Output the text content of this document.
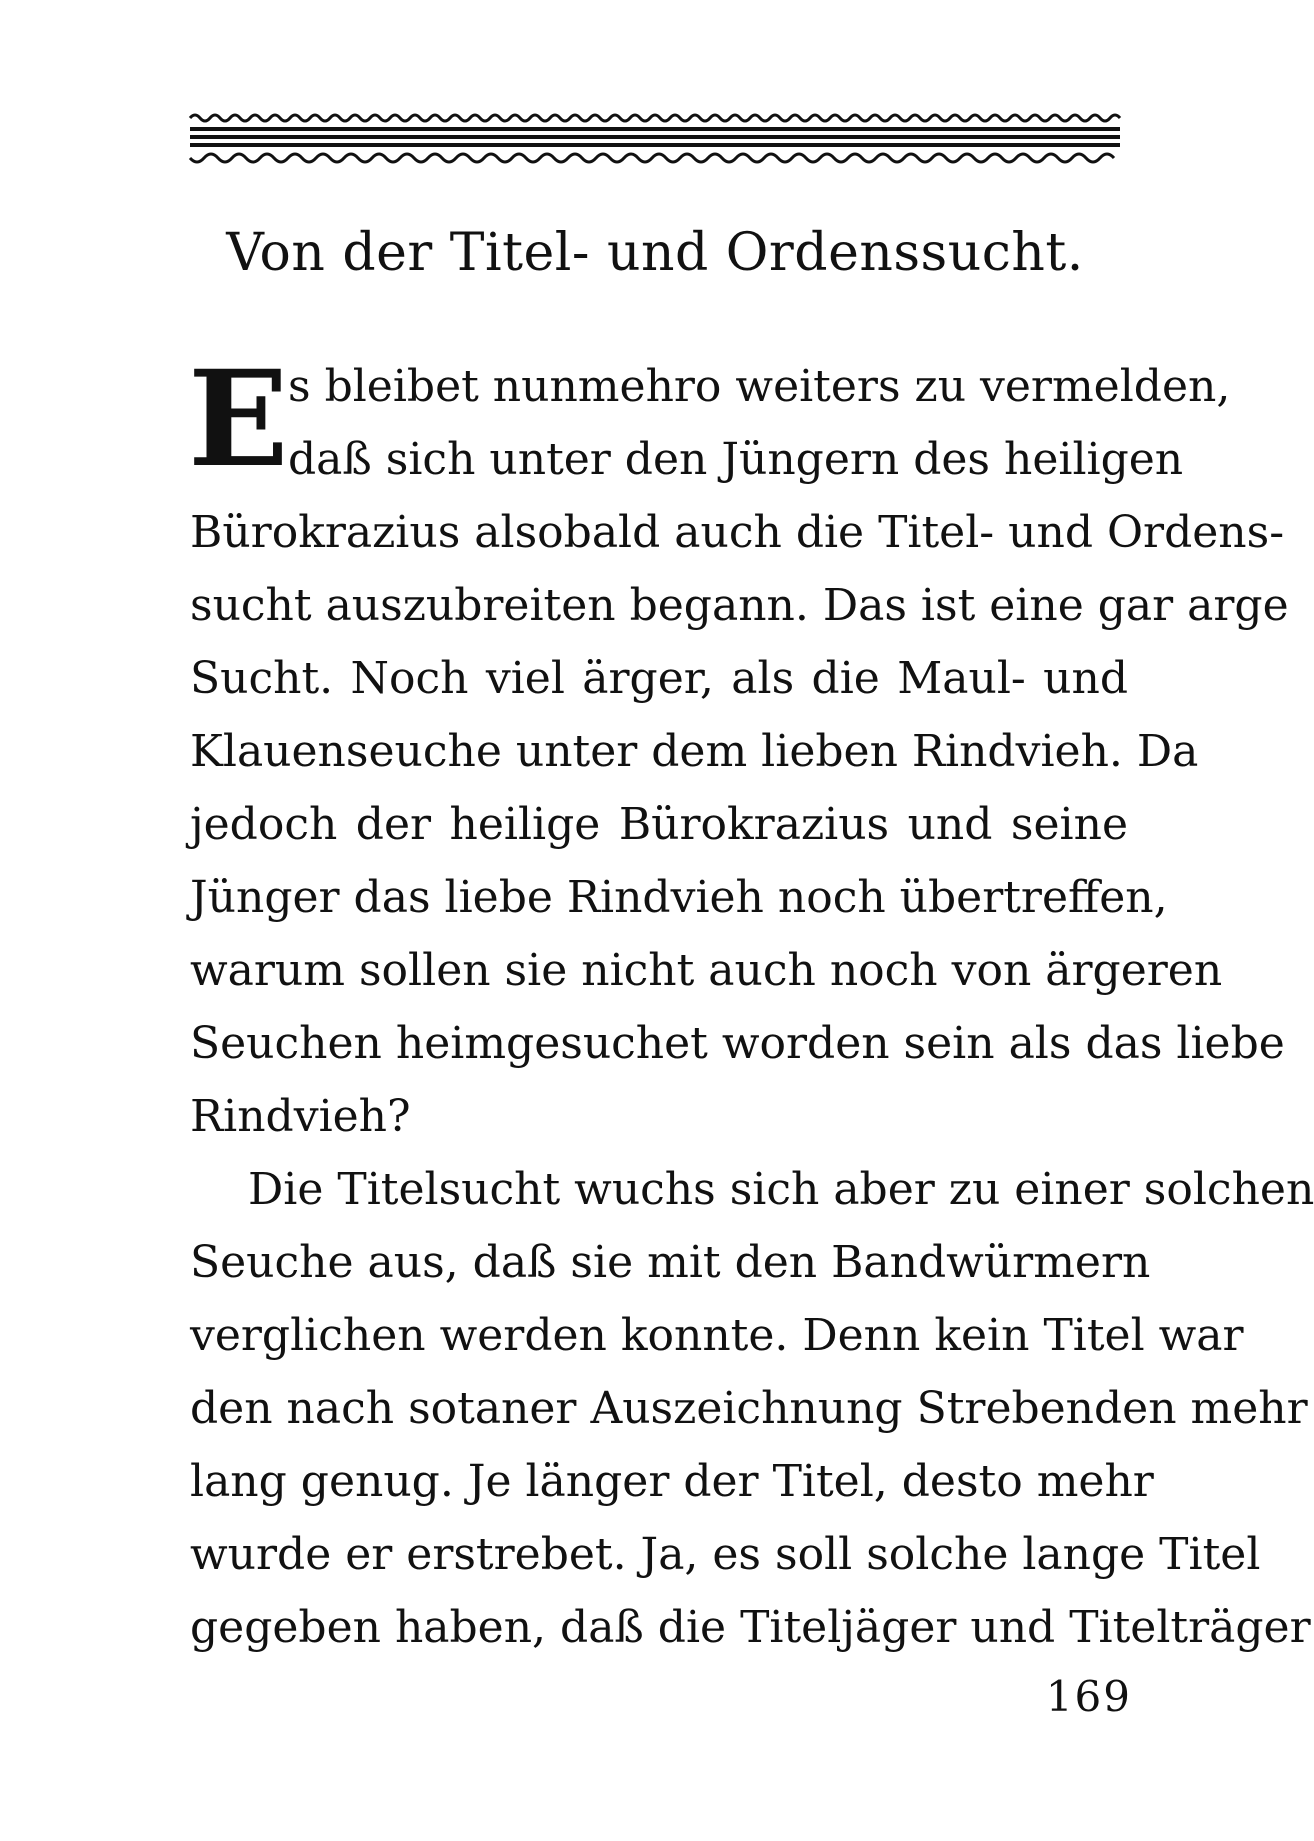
Von der Titel- und Ordenssucht.
E s bleibet nunmehro weiters zu vermelden,
daß sich unter den Jüngern des heiligen
Bürokrazius alsobald auch die Titel- und Ordens-
sucht auszubreiten begann. Das ist eine gar arge
Sucht. Noch viel ärger, als die Maul- und
Klauenseuche unter dem lieben Rindvieh. Da
jedoch der heilige Bürokrazius und seine
Jünger das liebe Rindvieh noch übertreffen,
warum sollen sie nicht auch noch von ärgeren
Seuchen heimgesuchet worden sein als das liebe
Rindvieh?
Die Titelsucht wuchs sich aber zu einer solchen
Seuche aus, daß sie mit den Bandwürmern
verglichen werden konnte. Denn kein Titel war
den nach sotaner Auszeichnung Strebenden mehr
lang genug. Je länger der Titel, desto mehr
wurde er erstrebet. Ja, es soll solche lange Titel
gegeben haben, daß die Titeljäger und Titelträger
169
